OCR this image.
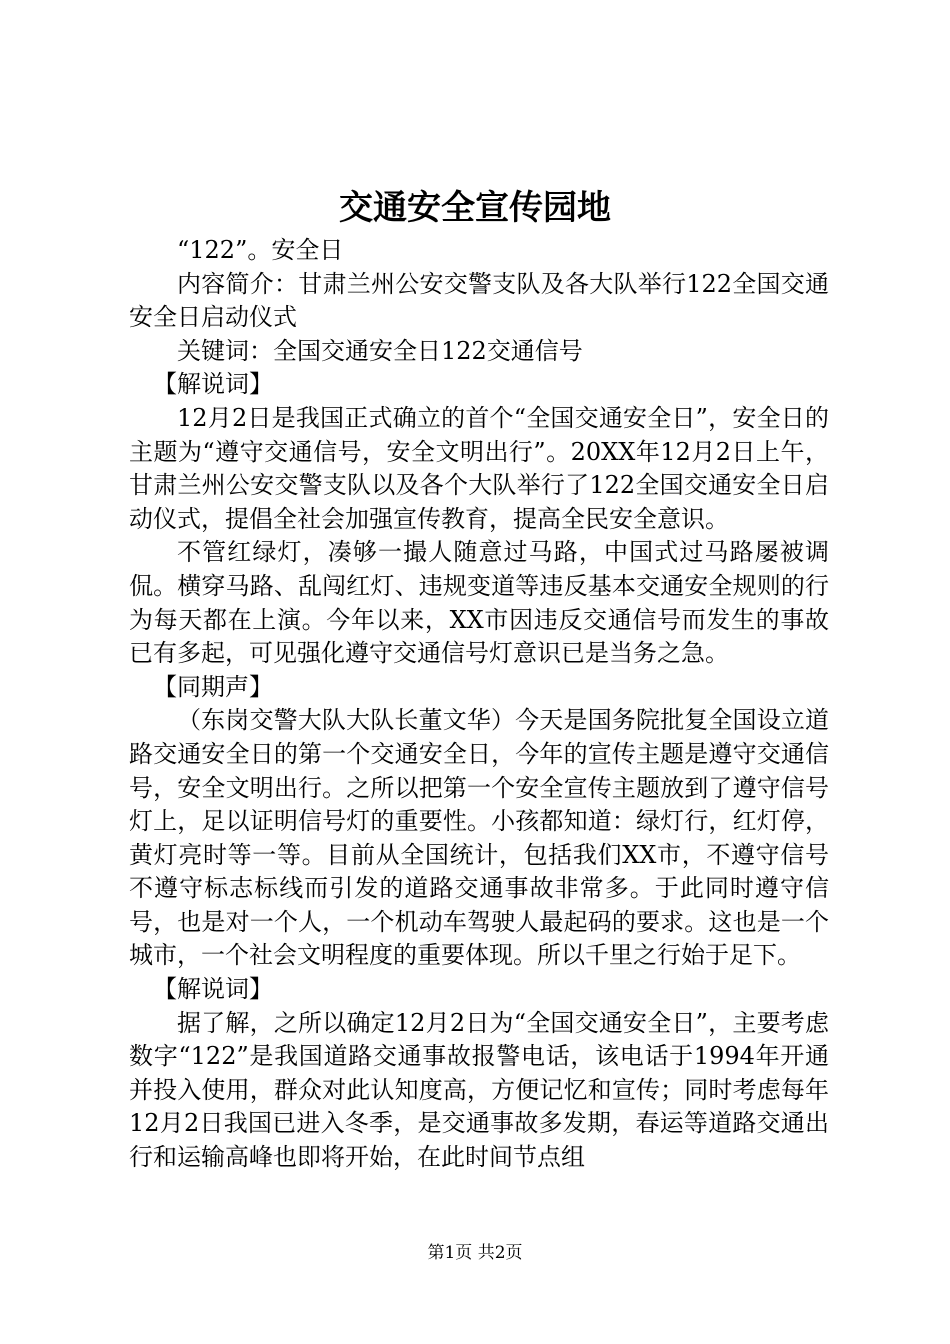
交通安全宣传园地

“122”。安全日

内容简介：甘肃兰州公安交警支队及各大队举行122全国交通安全日启动仪式

关键词：全国交通安全日122交通信号

【解说词】

12月2日是我国正式确立的首个“全国交通安全日”，安全日的主题为“遵守交通信号，安全文明出行”。20XX年12月2日上午，甘肃兰州公安交警支队以及各个大队举行了122全国交通安全日启动仪式，提倡全社会加强宣传教育，提高全民安全意识。

不管红绿灯，凑够一撮人随意过马路，中国式过马路屡被调侃。横穿马路、乱闯红灯、违规变道等违反基本交通安全规则的行为每天都在上演。今年以来，XX市因违反交通信号而发生的事故已有多起，可见强化遵守交通信号灯意识已是当务之急。

【同期声】

（东岗交警大队大队长董文华）今天是国务院批复全国设立道路交通安全日的第一个交通安全日，今年的宣传主题是遵守交通信号，安全文明出行。之所以把第一个安全宣传主题放到了遵守信号灯上，足以证明信号灯的重要性。小孩都知道：绿灯行，红灯停，黄灯亮时等一等。目前从全国统计，包括我们XX市，不遵守信号不遵守标志标线而引发的道路交通事故非常多。于此同时遵守信号，也是对一个人，一个机动车驾驶人最起码的要求。这也是一个城市，一个社会文明程度的重要体现。所以千里之行始于足下。

【解说词】

据了解，之所以确定12月2日为“全国交通安全日”，主要考虑数字“122”是我国道路交通事故报警电话，该电话于1994年开通并投入使用，群众对此认知度高，方便记忆和宣传；同时考虑每年12月2日我国已进入冬季，是交通事故多发期，春运等道路交通出行和运输高峰也即将开始，在此时间节点组

第1页 共2页
